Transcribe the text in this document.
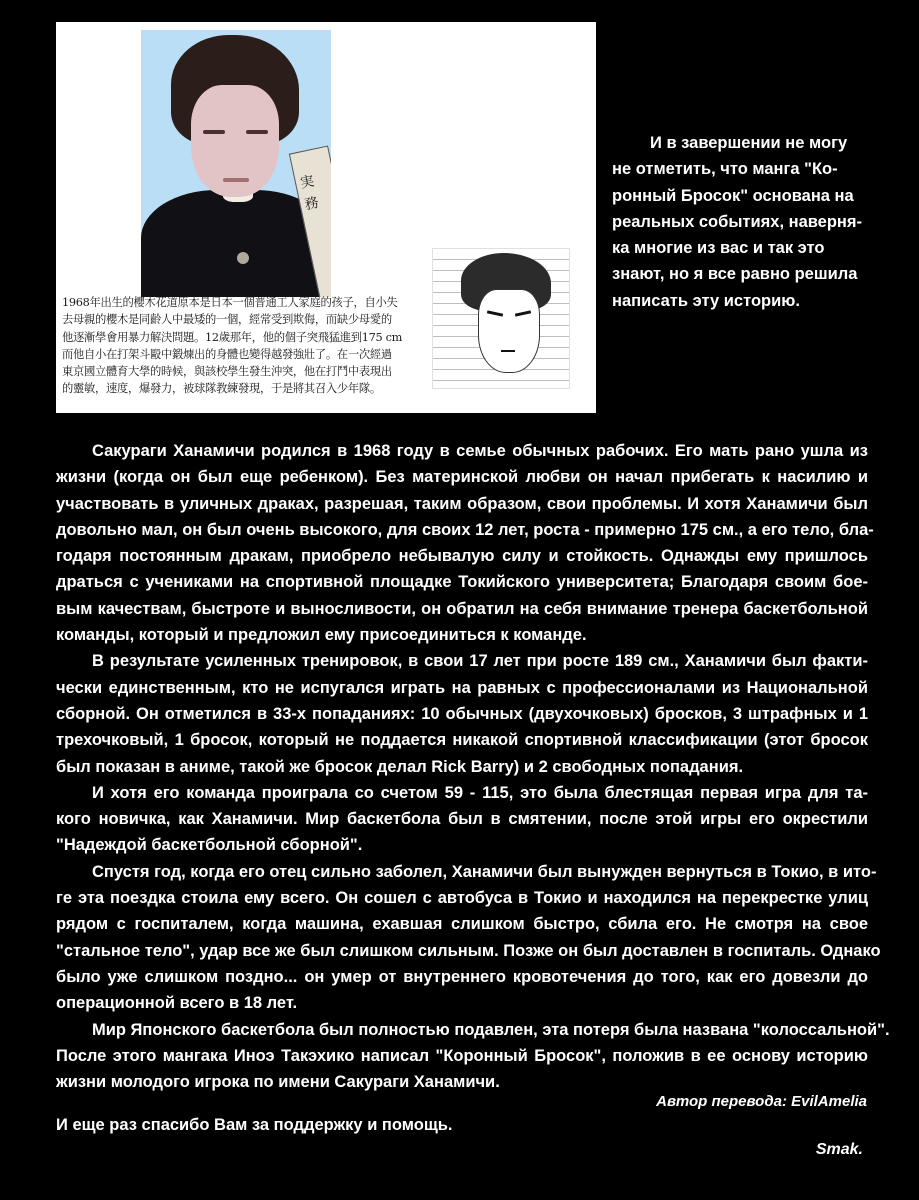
実 務
1968年出生的櫻木花道原本是日本一個普通工人家庭的孩子，自小失
去母親的櫻木是同齡人中最矮的一個，經常受到欺侮，而缺少母愛的
他逐漸學會用暴力解決問題。12歲那年，他的個子突飛猛進到175 cm
而他自小在打架斗毆中鍛煉出的身體也變得越發強壯了。在一次經過
東京國立體育大學的時候，與該校學生發生沖突，他在打鬥中表現出
的靈敏，速度，爆發力，被球隊教練發現，于是將其召入少年隊。
И в завершении не могу
не отметить, что манга "Ко-
ронный Бросок" основана на
реальных событиях, наверня-
ка многие из вас и так это
знают, но я все равно решила
написать эту историю.
Сакураги Ханамичи родился в 1968 году в семье обычных рабочих. Его мать рано ушла из
жизни (когда он был еще ребенком). Без материнской любви он начал прибегать к насилию и
участвовать в уличных драках, разрешая, таким образом, свои проблемы. И хотя Ханамичи был
довольно мал, он был очень высокого, для своих 12 лет, роста - примерно 175 см., а его тело, бла-
годаря постоянным дракам, приобрело небывалую силу и стойкость. Однажды ему пришлось
драться с учениками на спортивной площадке Токийского университета; Благодаря своим бое-
вым качествам, быстроте и выносливости, он обратил на себя внимание тренера баскетбольной
команды, который и предложил ему присоединиться к команде.
В результате усиленных тренировок, в свои 17 лет при росте 189 см., Ханамичи был факти-
чески единственным, кто не испугался играть на равных с профессионалами из Национальной
сборной. Он отметился в 33-х попаданиях: 10 обычных (двухочковых) бросков, 3 штрафных и 1
трехочковый, 1 бросок, который не поддается никакой спортивной классификации (этот бросок
был показан в аниме, такой же бросок делал Rick Barry) и 2 свободных попадания.
И хотя его команда проиграла со счетом 59 - 115, это была блестящая первая игра для та-
кого новичка, как Ханамичи. Мир баскетбола был в смятении, после этой игры его окрестили
"Надеждой баскетбольной сборной".
Спустя год, когда его отец сильно заболел, Ханамичи был вынужден вернуться в Токио, в ито-
ге эта поездка стоила ему всего. Он сошел с автобуса в Токио и находился на перекрестке улиц
рядом с госпиталем, когда машина, ехавшая слишком быстро, сбила его. Не смотря на свое
"стальное тело", удар все же был слишком сильным. Позже он был доставлен в госпиталь. Однако
было уже слишком поздно... он умер от внутреннего кровотечения до того, как его довезли до
операционной всего в 18 лет.
Мир Японского баскетбола был полностью подавлен, эта потеря была названа "колоссальной".
После этого мангака Иноэ Такэхико написал "Коронный Бросок", положив в ее основу историю
жизни молодого игрока по имени Сакураги Ханамичи.
Автор перевода: EvilAmelia
И еще раз спасибо Вам за поддержку и помощь.
Smak.
